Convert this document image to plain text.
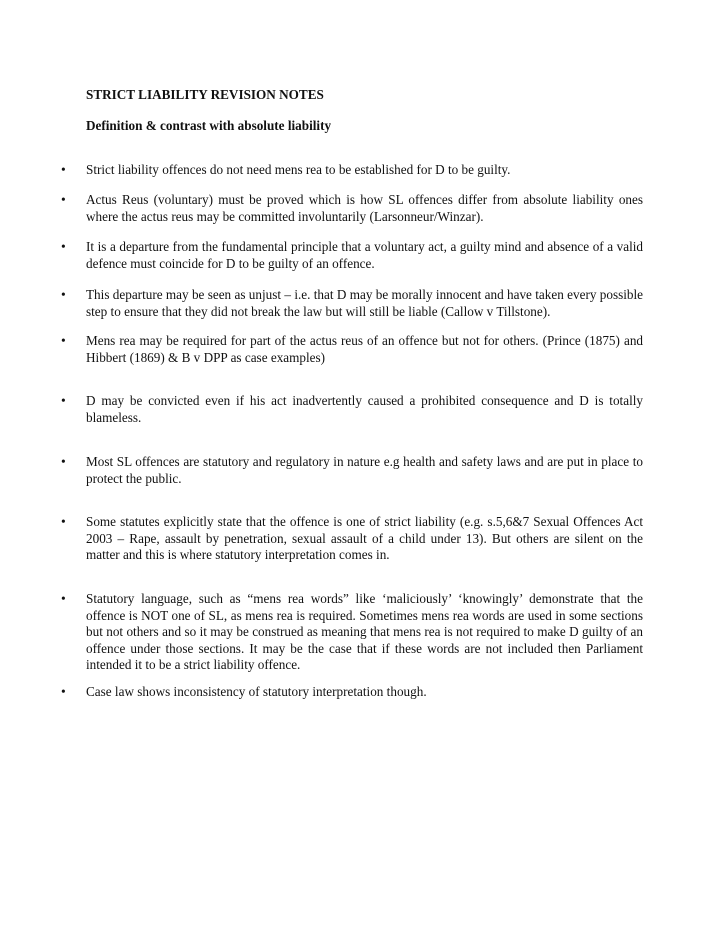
STRICT LIABILITY REVISION NOTES
Definition & contrast with absolute liability
• Strict liability offences do not need mens rea to be established for D to be guilty.

• Actus Reus (voluntary) must be proved which is how SL offences differ from absolute liability ones where the actus reus may be committed involuntarily (Larsonneur/Winzar).

• It is a departure from the fundamental principle that a voluntary act, a guilty mind and absence of a valid defence must coincide for D to be guilty of an offence.

• This departure may be seen as unjust – i.e. that D may be morally innocent and have taken every possible step to ensure that they did not break the law but will still be liable (Callow v Tillstone).

• Mens rea may be required for part of the actus reus of an offence but not for others. (Prince (1875) and Hibbert (1869) & B v DPP as case examples)

• D may be convicted even if his act inadvertently caused a prohibited consequence and D is totally blameless.

• Most SL offences are statutory and regulatory in nature e.g health and safety laws and are put in place to protect the public.

• Some statutes explicitly state that the offence is one of strict liability (e.g. s.5,6&7 Sexual Offences Act 2003 – Rape, assault by penetration, sexual assault of a child under 13). But others are silent on the matter and this is where statutory interpretation comes in.

• Statutory language, such as “mens rea words” like ‘maliciously’ ‘knowingly’ demonstrate that the offence is NOT one of SL, as mens rea is required. Sometimes mens rea words are used in some sections but not others and so it may be construed as meaning that mens rea is not required to make D guilty of an offence under those sections. It may be the case that if these words are not included then Parliament intended it to be a strict liability offence.

• Case law shows inconsistency of statutory interpretation though.
